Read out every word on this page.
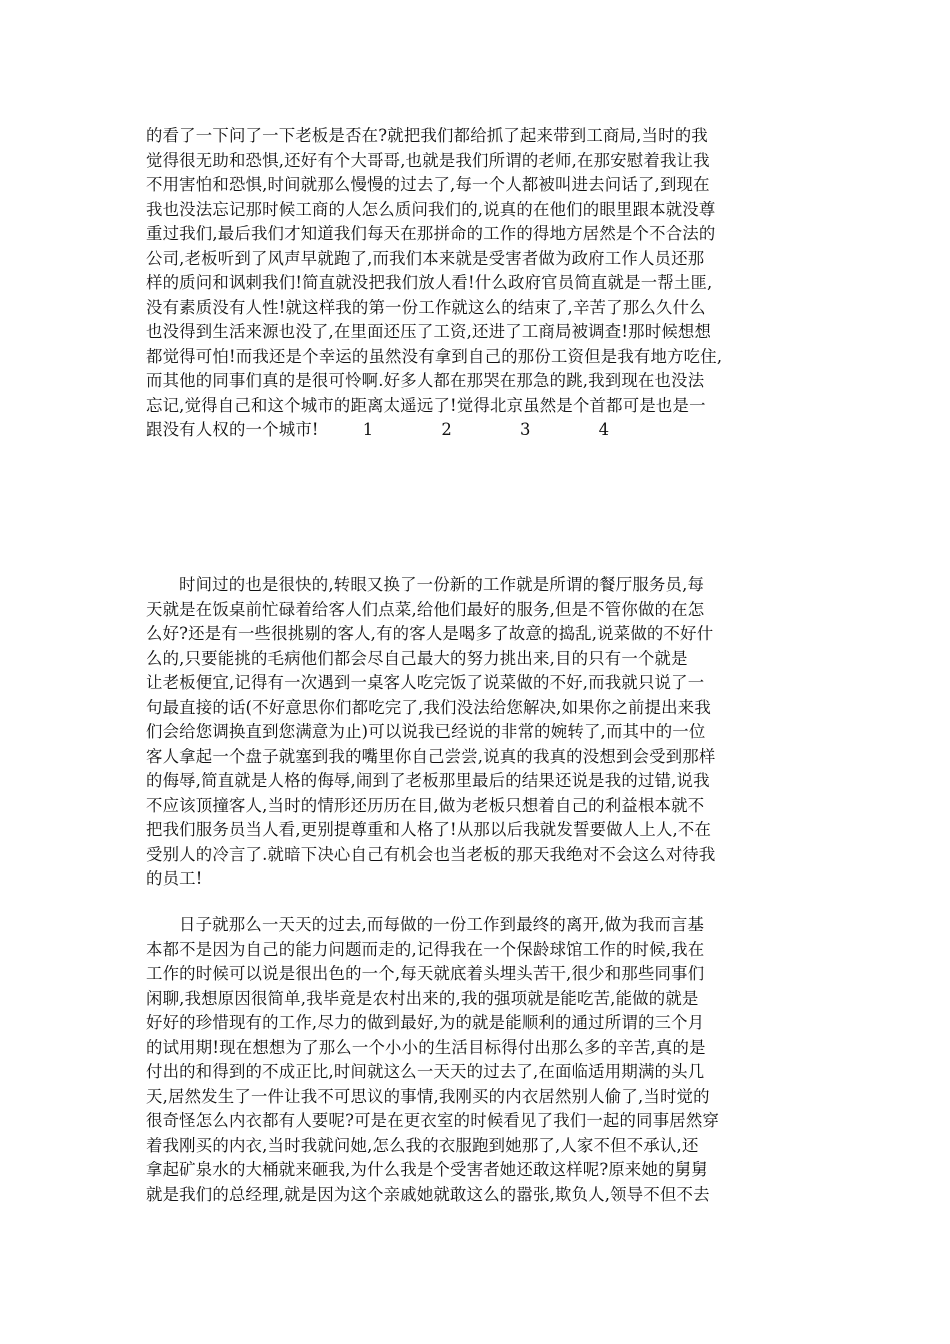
的看了一下问了一下老板是否在?就把我们都给抓了起来带到工商局,当时的我
觉得很无助和恐惧,还好有个大哥哥,也就是我们所谓的老师,在那安慰着我让我
不用害怕和恐惧,时间就那么慢慢的过去了,每一个人都被叫进去问话了,到现在
我也没法忘记那时候工商的人怎么质问我们的,说真的在他们的眼里跟本就没尊
重过我们,最后我们才知道我们每天在那拼命的工作的得地方居然是个不合法的
公司,老板听到了风声早就跑了,而我们本来就是受害者做为政府工作人员还那
样的质问和讽刺我们!简直就没把我们放人看!什么政府官员简直就是一帮土匪,
没有素质没有人性!就这样我的第一份工作就这么的结束了,辛苦了那么久什么
也没得到生活来源也没了,在里面还压了工资,还进了工商局被调查!那时候想想
都觉得可怕!而我还是个幸运的虽然没有拿到自己的那份工资但是我有地方吃住,
而其他的同事们真的是很可怜啊.好多人都在那哭在那急的跳,我到现在也没法
忘记,觉得自己和这个城市的距离太遥远了!觉得北京虽然是个首都可是也是一
跟没有人权的一个城市!	1	2	3	4
时间过的也是很快的,转眼又换了一份新的工作就是所谓的餐厅服务员,每
天就是在饭桌前忙碌着给客人们点菜,给他们最好的服务,但是不管你做的在怎
么好?还是有一些很挑剔的客人,有的客人是喝多了故意的捣乱,说菜做的不好什
么的,只要能挑的毛病他们都会尽自己最大的努力挑出来,目的只有一个就是
让老板便宜,记得有一次遇到一桌客人吃完饭了说菜做的不好,而我就只说了一
句最直接的话(不好意思你们都吃完了,我们没法给您解决,如果你之前提出来我
们会给您调换直到您满意为止)可以说我已经说的非常的婉转了,而其中的一位
客人拿起一个盘子就塞到我的嘴里你自己尝尝,说真的我真的没想到会受到那样
的侮辱,简直就是人格的侮辱,闹到了老板那里最后的结果还说是我的过错,说我
不应该顶撞客人,当时的情形还历历在目,做为老板只想着自己的利益根本就不
把我们服务员当人看,更别提尊重和人格了!从那以后我就发誓要做人上人,不在
受别人的冷言了.就暗下决心自己有机会也当老板的那天我绝对不会这么对待我
的员工!
日子就那么一天天的过去,而每做的一份工作到最终的离开,做为我而言基
本都不是因为自己的能力问题而走的,记得我在一个保龄球馆工作的时候,我在
工作的时候可以说是很出色的一个,每天就底着头埋头苦干,很少和那些同事们
闲聊,我想原因很简单,我毕竟是农村出来的,我的强项就是能吃苦,能做的就是
好好的珍惜现有的工作,尽力的做到最好,为的就是能顺利的通过所谓的三个月
的试用期!现在想想为了那么一个小小的生活目标得付出那么多的辛苦,真的是
付出的和得到的不成正比,时间就这么一天天的过去了,在面临适用期满的头几
天,居然发生了一件让我不可思议的事情,我刚买的内衣居然别人偷了,当时觉的
很奇怪怎么内衣都有人要呢?可是在更衣室的时候看见了我们一起的同事居然穿
着我刚买的内衣,当时我就问她,怎么我的衣服跑到她那了,人家不但不承认,还
拿起矿泉水的大桶就来砸我,为什么我是个受害者她还敢这样呢?原来她的舅舅
就是我们的总经理,就是因为这个亲戚她就敢这么的嚣张,欺负人,领导不但不去
